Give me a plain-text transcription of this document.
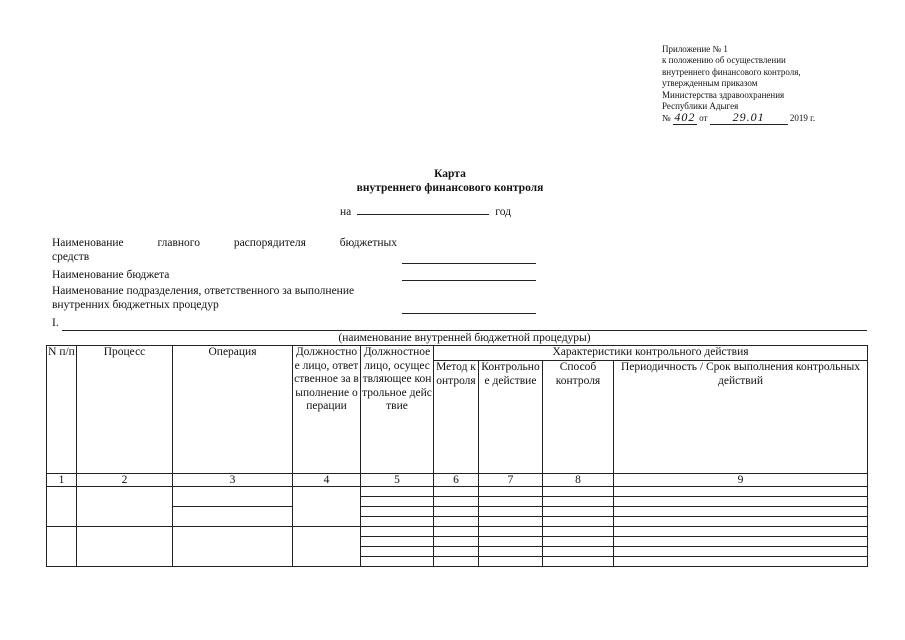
Приложение № 1
к положению об осуществлении
внутреннего финансового контроля,
утвержденным приказом
Министерства здравоохранения
Республики Адыгея
№ 402 от 29.01	2019 г.
Карта
внутреннего финансового контроля
на	год
Наименование	главного	распорядителя	бюджетных
средств
Наименование бюджета
Наименование подразделения, ответственного за выполнение
внутренних бюджетных процедур
I.
(наименование внутренней бюджетной процедуры)
N п/п	Процесс	Операция	Должностное лицо, ответственное за выполнение операции	Должностное лицо, осуществляющее контрольное действие	Характеристики контрольного действия			
					Метод контроля	Контрольное действие	Способ контроля	Периодичность / Срок выполнения контрольных действий
1	2	3	4	5	6	7	8	9
